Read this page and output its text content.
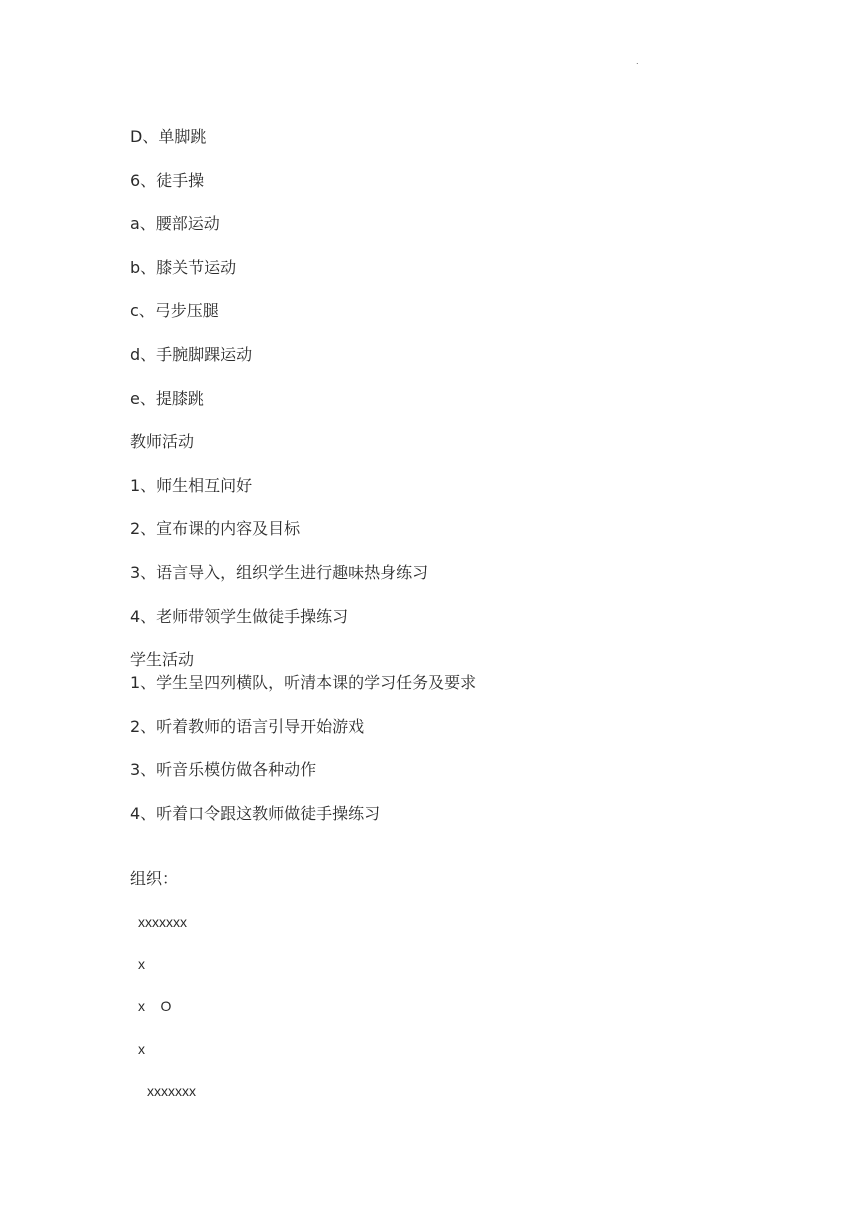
.
D、单脚跳
6、徒手操
a、腰部运动
b、膝关节运动
c、弓步压腿
d、手腕脚踝运动
e、提膝跳
教师活动
1、师生相互问好
2、宣布课的内容及目标
3、语言导入，组织学生进行趣味热身练习
4、老师带领学生做徒手操练习
学生活动
1、学生呈四列横队，听清本课的学习任务及要求
2、听着教师的语言引导开始游戏
3、听音乐模仿做各种动作
4、听着口令跟这教师做徒手操练习
组织：
xxxxxxx
x
x    O
x
xxxxxxx
